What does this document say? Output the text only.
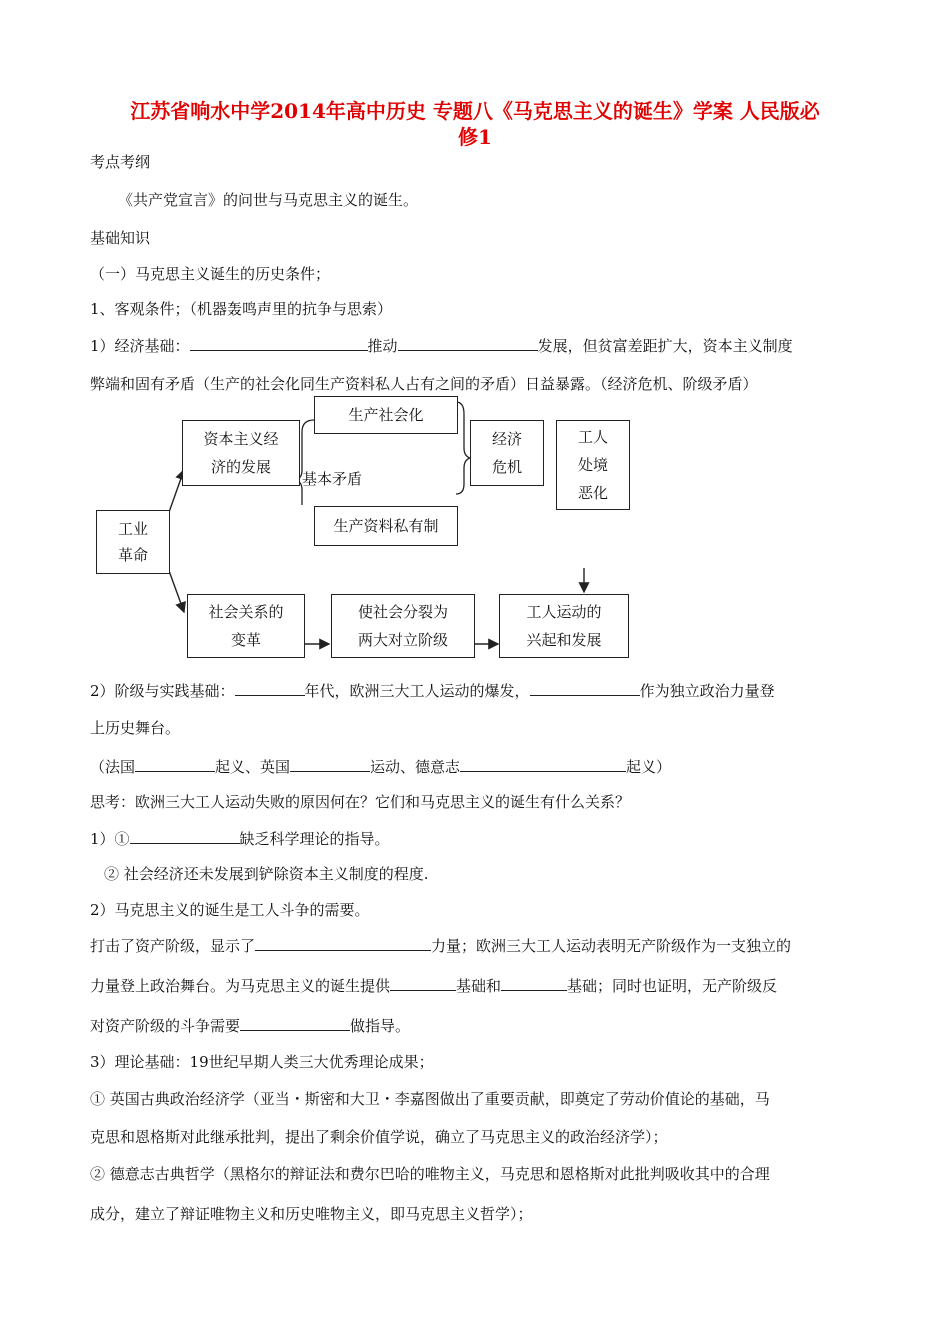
江苏省响水中学2014年高中历史 专题八《马克思主义的诞生》学案 人民版必
修1
考点考纲
《共产党宣言》的问世与马克思主义的诞生。
基础知识
（一）马克思主义诞生的历史条件；
1、客观条件；（机器轰鸣声里的抗争与思索）
1）经济基础：	推动	发展，但贫富差距扩大，资本主义制度
弊端和固有矛盾（生产的社会化同生产资料私人占有之间的矛盾）日益暴露。（经济危机、阶级矛盾）
工业
革命
资本主义经
济的发展
生产社会化
基本矛盾
生产资料私有制
经济
危机
工人
处境
恶化
社会关系的
变革
使社会分裂为
两大对立阶级
工人运动的
兴起和发展
2）阶级与实践基础：	年代，欧洲三大工人运动的爆发，	作为独立政治力量登
上历史舞台。
（法国	起义、英国	运动、德意志	起义）
思考：欧洲三大工人运动失败的原因何在？它们和马克思主义的诞生有什么关系？
1）①	缺乏科学理论的指导。
② 社会经济还未发展到铲除资本主义制度的程度.
2）马克思主义的诞生是工人斗争的需要。
打击了资产阶级，显示了	力量；欧洲三大工人运动表明无产阶级作为一支独立的
力量登上政治舞台。为马克思主义的诞生提供	基础和	基础；同时也证明，无产阶级反
对资产阶级的斗争需要	做指导。
3）理论基础：19世纪早期人类三大优秀理论成果；
① 英国古典政治经济学（亚当・斯密和大卫・李嘉图做出了重要贡献，即奠定了劳动价值论的基础，马
克思和恩格斯对此继承批判，提出了剩余价值学说，确立了马克思主义的政治经济学）；
② 德意志古典哲学（黑格尔的辩证法和费尔巴哈的唯物主义，马克思和恩格斯对此批判吸收其中的合理
成分，建立了辩证唯物主义和历史唯物主义，即马克思主义哲学）；
